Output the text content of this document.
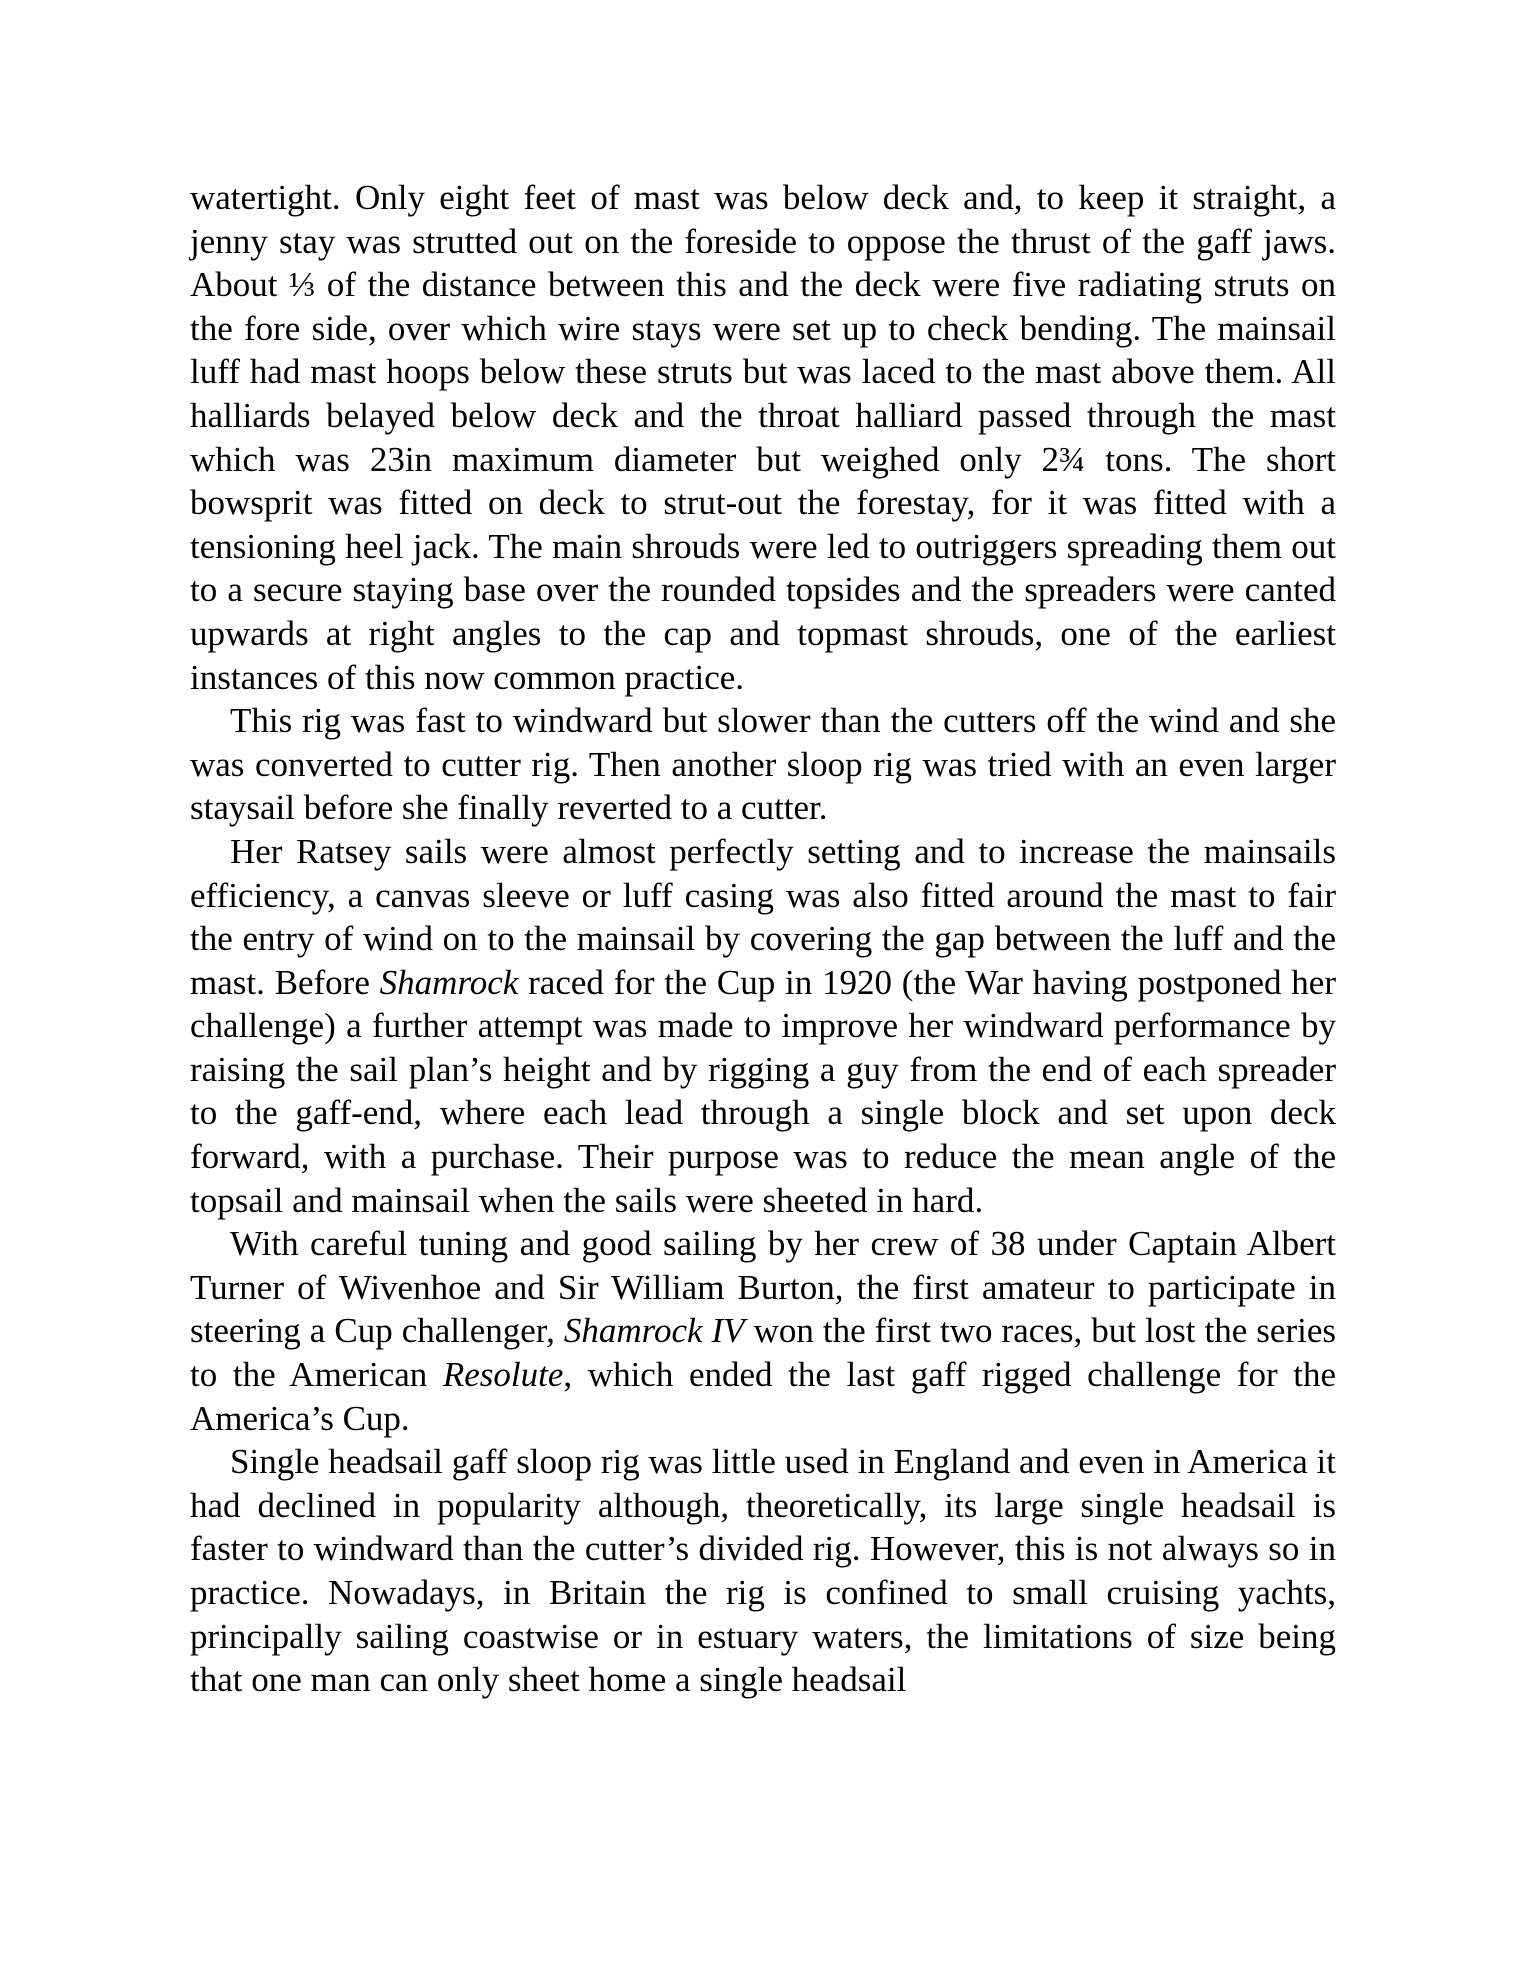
watertight. Only eight feet of mast was below deck and, to keep it straight, a jenny stay was strutted out on the foreside to oppose the thrust of the gaff jaws. About ⅓ of the distance between this and the deck were five radiating struts on the fore side, over which wire stays were set up to check bending. The mainsail luff had mast hoops below these struts but was laced to the mast above them. All halliards belayed below deck and the throat halliard passed through the mast which was 23in maximum diameter but weighed only 2¾ tons. The short bowsprit was fitted on deck to strut-out the forestay, for it was fitted with a tensioning heel jack. The main shrouds were led to outriggers spreading them out to a secure staying base over the rounded topsides and the spreaders were canted upwards at right angles to the cap and topmast shrouds, one of the earliest instances of this now common practice.

This rig was fast to windward but slower than the cutters off the wind and she was converted to cutter rig. Then another sloop rig was tried with an even larger staysail before she finally reverted to a cutter.

Her Ratsey sails were almost perfectly setting and to increase the mainsails efficiency, a canvas sleeve or luff casing was also fitted around the mast to fair the entry of wind on to the mainsail by covering the gap between the luff and the mast. Before Shamrock raced for the Cup in 1920 (the War having postponed her challenge) a further attempt was made to improve her windward performance by raising the sail plan’s height and by rigging a guy from the end of each spreader to the gaff-end, where each lead through a single block and set upon deck forward, with a purchase. Their purpose was to reduce the mean angle of the topsail and mainsail when the sails were sheeted in hard.

With careful tuning and good sailing by her crew of 38 under Captain Albert Turner of Wivenhoe and Sir William Burton, the first amateur to participate in steering a Cup challenger, Shamrock IV won the first two races, but lost the series to the American Resolute, which ended the last gaff rigged challenge for the America’s Cup.

Single headsail gaff sloop rig was little used in England and even in America it had declined in popularity although, theoretically, its large single headsail is faster to windward than the cutter’s divided rig. However, this is not always so in practice. Nowadays, in Britain the rig is confined to small cruising yachts, principally sailing coastwise or in estuary waters, the limitations of size being that one man can only sheet home a single headsail
